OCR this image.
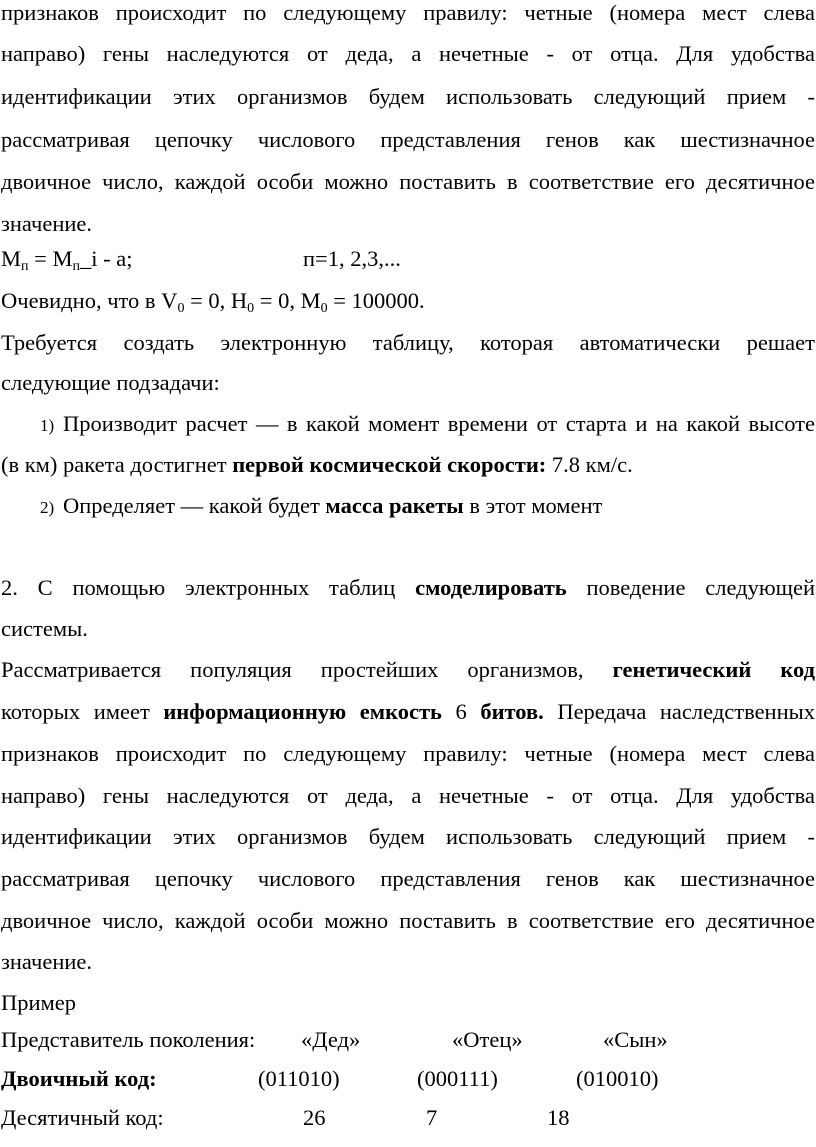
признаков происходит по следующему правилу: четные (номера мест слева
направо) гены наследуются от деда, а нечетные - от отца. Для удобства
идентификации этих организмов будем использовать следующий прием -
рассматривая цепочку числового представления генов как шестизначное
двоичное число, каждой особи можно поставить в соответствие его десятичное
значение.
$M_п$ = $M_п\_i$ - a;	п=1, 2,3,...
Очевидно, что в $V_0 = 0$, $H_0 = 0$, $M_0 = 100000$.
Требуется создать электронную таблицу, которая автоматически решает
следующие подзадачи:
1) Производит расчет — в какой момент времени от старта и на какой высоте
(в км) ракета достигнет первой космической скорости: 7.8 км/с.
2) Определяет — какой будет масса ракеты в этот момент
2. С помощью электронных таблиц смоделировать поведение следующей
системы.
Рассматривается популяция простейших организмов, генетический код
которых имеет информационную емкость 6 битов. Передача наследственных
признаков происходит по следующему правилу: четные (номера мест слева
направо) гены наследуются от деда, а нечетные - от отца. Для удобства
идентификации этих организмов будем использовать следующий прием -
рассматривая цепочку числового представления генов как шестизначное
двоичное число, каждой особи можно поставить в соответствие его десятичное
значение.
Пример
Представитель поколения: «Дед»	«Отец»	«Сын»
Двоичный код:	(011010)	(000111)	(010010)
Десятичный код:	26	7	18
